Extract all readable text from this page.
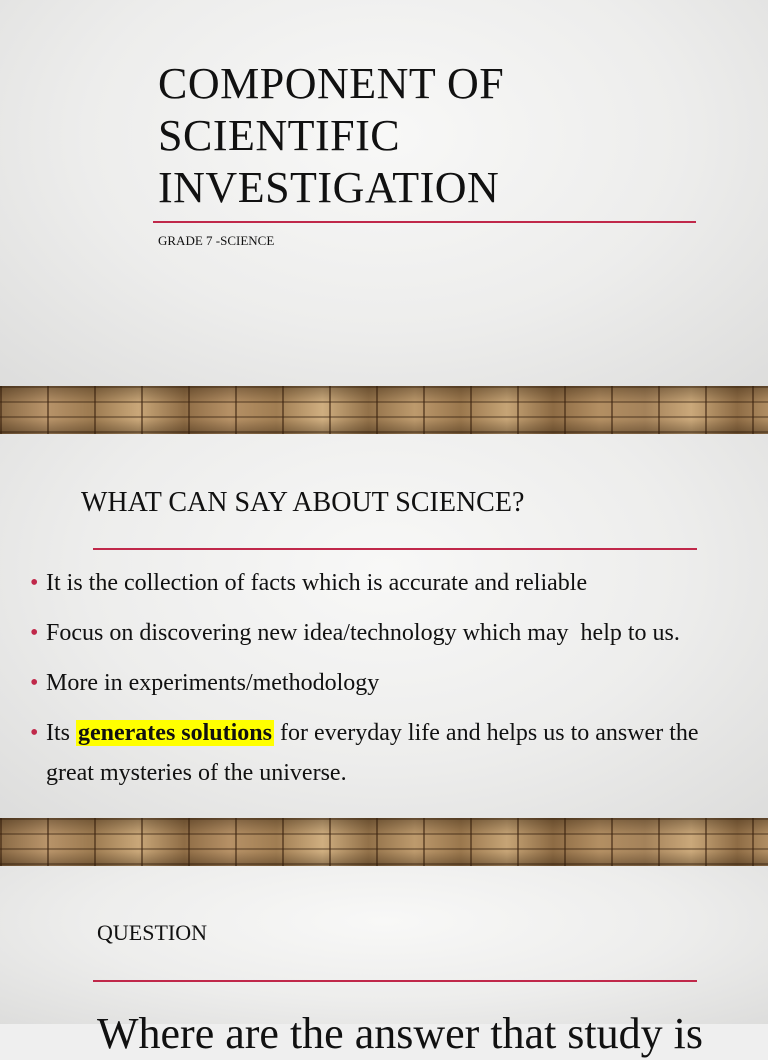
COMPONENT OF
SCIENTIFIC
INVESTIGATION

GRADE 7 -SCIENCE

WHAT CAN SAY ABOUT SCIENCE?
• It is the collection of facts which is accurate and reliable
• Focus on discovering new idea/technology which may  help to us.
• More in experiments/methodology
• Its generates solutions for everyday life and helps us to answer the great mysteries of the universe.
QUESTION

Where are the answer that study is
